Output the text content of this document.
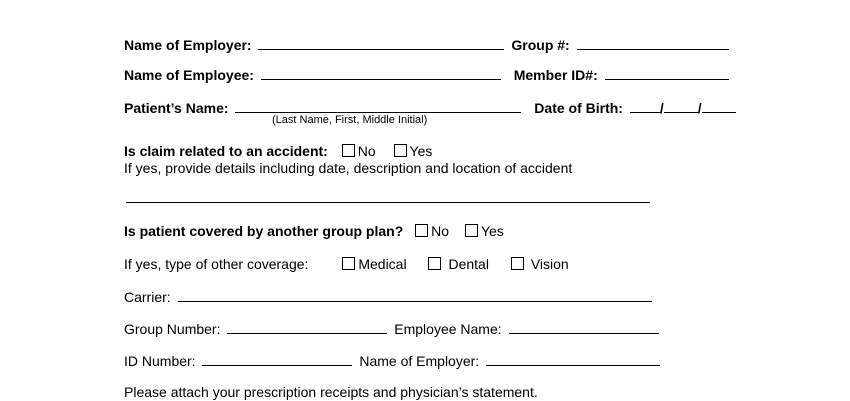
Name of Employer:	Group #:
Name of Employee:	Member ID#:
Patient’s Name:	Date of Birth:	/ /
(Last Name, First, Middle Initial)
Is claim related to an accident: No Yes
If yes, provide details including date, description and location of accident
Is patient covered by another group plan? No Yes
If yes, type of other coverage:	Medical	Dental	Vision
Carrier:
Group Number:	Employee Name:
ID Number:	Name of Employer:
Please attach your prescription receipts and physician’s statement.
